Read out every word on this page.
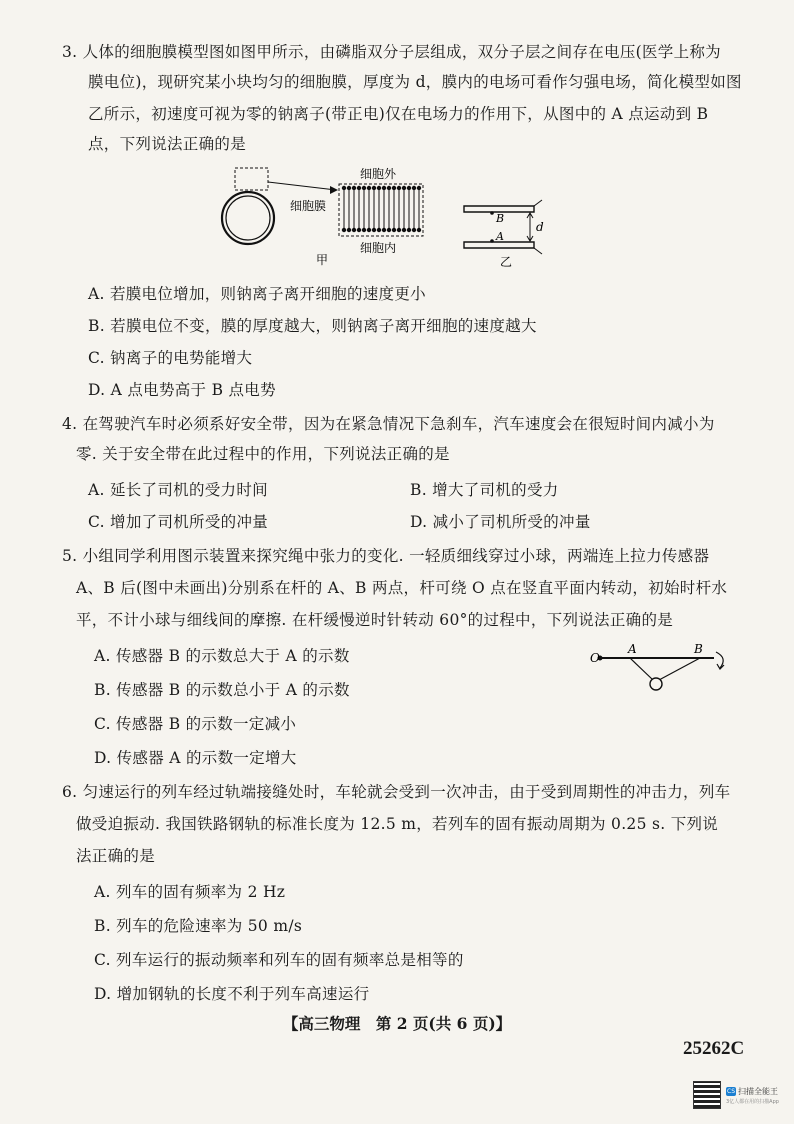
3. 人体的细胞膜模型图如图甲所示，由磷脂双分子层组成，双分子层之间存在电压(医学上称为
膜电位)，现研究某小块均匀的细胞膜，厚度为 d，膜内的电场可看作匀强电场，简化模型如图
乙所示，初速度可视为零的钠离子(带正电)仅在电场力的作用下，从图中的 A 点运动到 B
点，下列说法正确的是
细胞外
细胞膜
细胞内
甲
B
A
d
乙
A. 若膜电位增加，则钠离子离开细胞的速度更小
B. 若膜电位不变，膜的厚度越大，则钠离子离开细胞的速度越大
C. 钠离子的电势能增大
D. A 点电势高于 B 点电势
4. 在驾驶汽车时必须系好安全带，因为在紧急情况下急刹车，汽车速度会在很短时间内减小为
零. 关于安全带在此过程中的作用，下列说法正确的是
A. 延长了司机的受力时间	B. 增大了司机的受力
C. 增加了司机所受的冲量	D. 减小了司机所受的冲量
5. 小组同学利用图示装置来探究绳中张力的变化. 一轻质细线穿过小球，两端连上拉力传感器
A、B 后(图中未画出)分别系在杆的 A、B 两点，杆可绕 O 点在竖直平面内转动，初始时杆水
平，不计小球与细线间的摩擦. 在杆缓慢逆时针转动 60°的过程中，下列说法正确的是
A. 传感器 B 的示数总大于 A 的示数
B. 传感器 B 的示数总小于 A 的示数
C. 传感器 B 的示数一定减小
D. 传感器 A 的示数一定增大
O
A	B
6. 匀速运行的列车经过轨端接缝处时，车轮就会受到一次冲击，由于受到周期性的冲击力，列车
做受迫振动. 我国铁路钢轨的标准长度为 12.5 m，若列车的固有振动周期为 0.25 s. 下列说
法正确的是
A. 列车的固有频率为 2 Hz
B. 列车的危险速率为 50 m/s
C. 列车运行的振动频率和列车的固有频率总是相等的
D. 增加钢轨的长度不利于列车高速运行
【高三物理　第 2 页(共 6 页)】
25262C
CS 扫描全能王
3亿人都在用的扫描App
